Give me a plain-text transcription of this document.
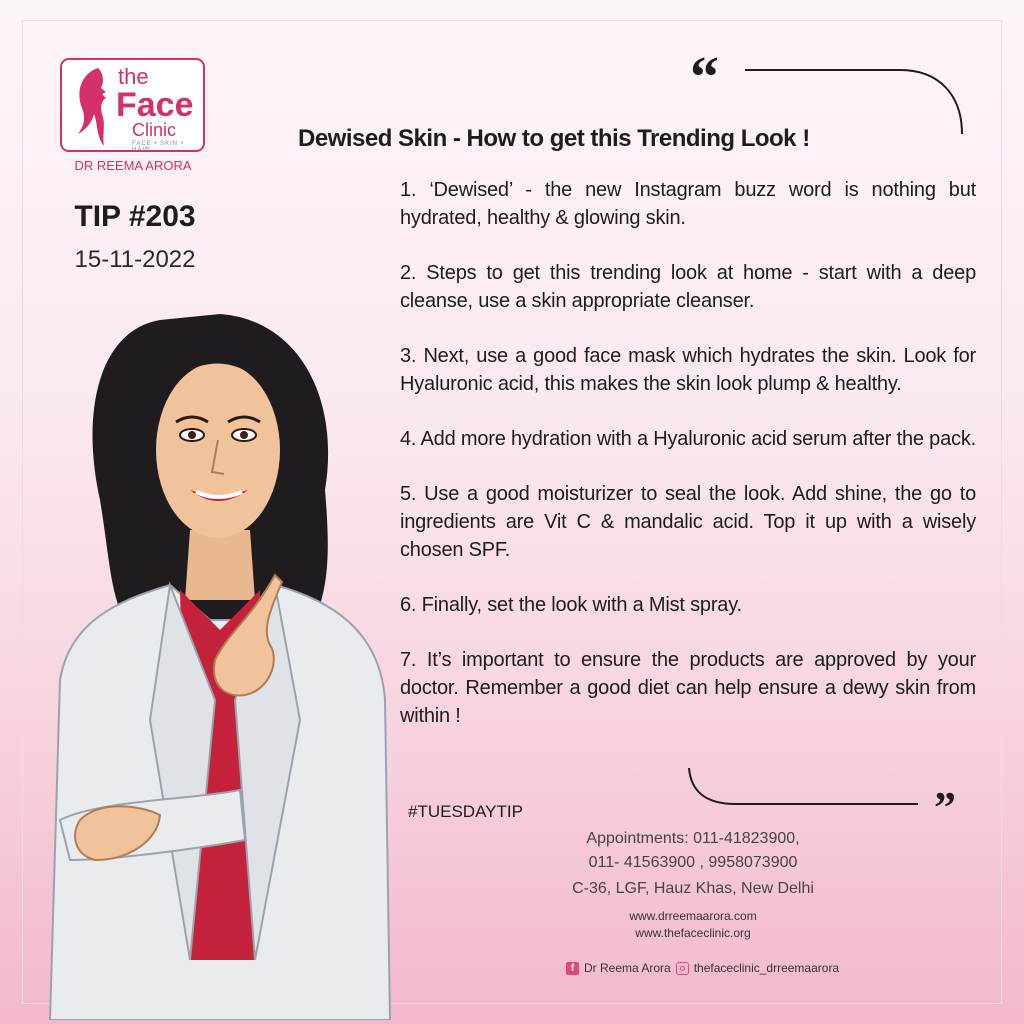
the
Face
Clinic
FACE • SKIN • HAIR
DR REEMA ARORA
TIP #203
15-11-2022
“
”
Dewised Skin - How to get this Trending Look !

1. ‘Dewised’ - the new Instagram buzz word is nothing but hydrated, healthy & glowing skin.

2. Steps to get this trending look at home - start with a deep cleanse, use a skin appropriate cleanser.

3. Next, use a good face mask which hydrates the skin. Look for Hyaluronic acid, this makes the skin look plump & healthy.

4. Add more hydration with a Hyaluronic acid serum after the pack.

5. Use a good moisturizer to seal the look. Add shine, the go to ingredients are Vit C & mandalic acid. Top it up with a wisely chosen SPF.

6. Finally, set the look with a Mist spray.

7. It’s important to ensure the products are approved by your doctor. Remember a good diet can help ensure a dewy skin from within !

#TUESDAYTIP
Appointments: 011-41823900,
011- 41563900 , 9958073900
C-36, LGF, Hauz Khas, New Delhi
www.drreemaarora.com
www.thefaceclinic.org
f Dr Reema Arora thefaceclinic_drreemaarora
